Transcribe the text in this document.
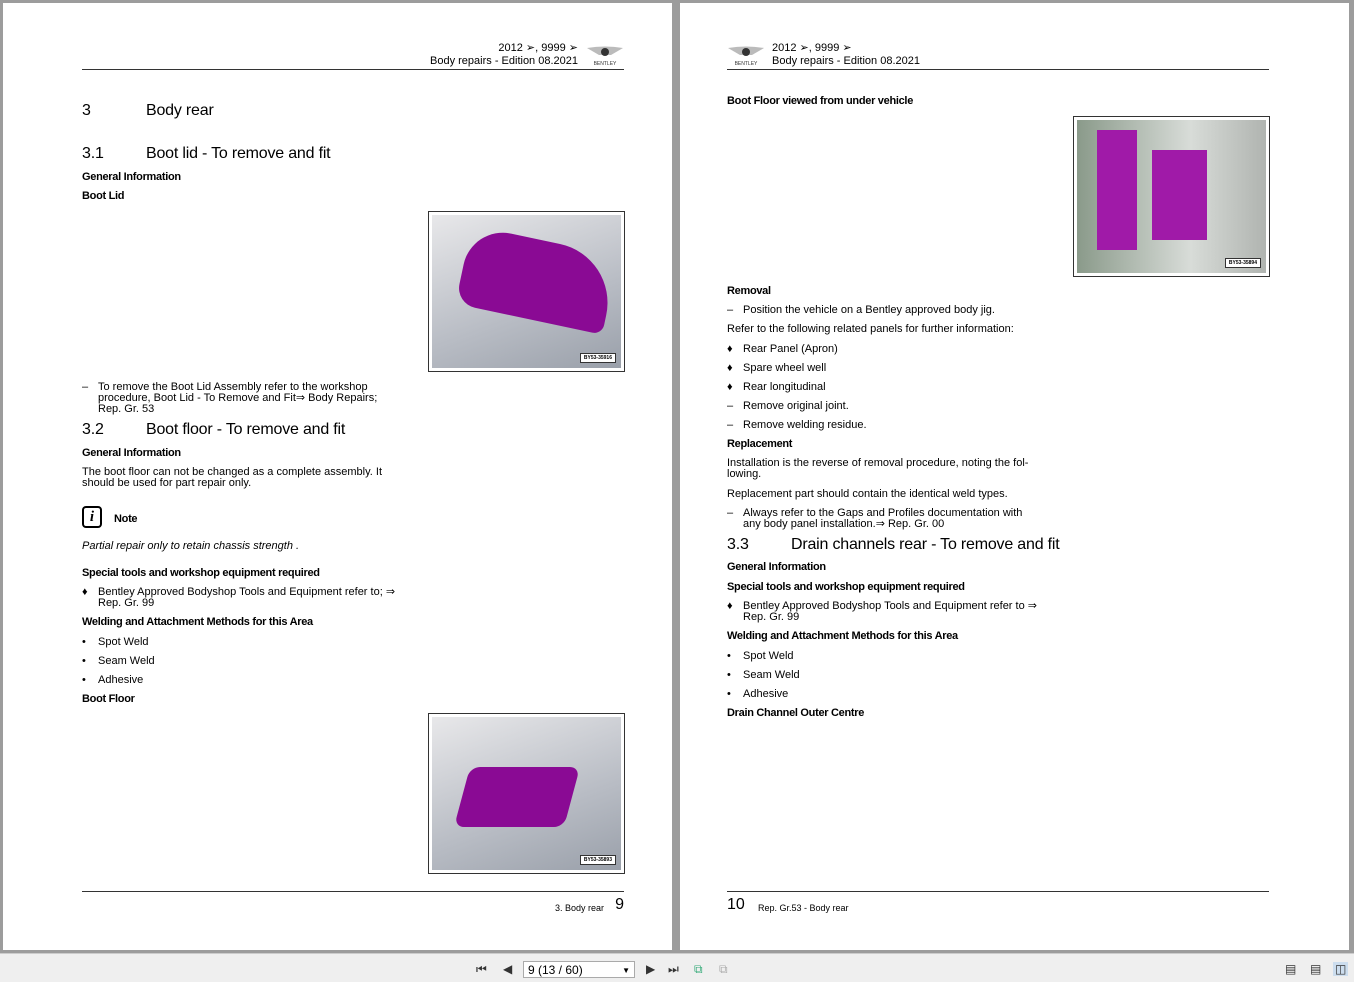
2012 ➢, 9999 ➢
Body repairs - Edition 08.2021	BENTLEY
3	Body rear
3.1	Boot lid - To remove and fit
General Information
Boot Lid
BY53-35916
– To remove the Boot Lid Assembly refer to the workshop procedure, Boot Lid - To Remove and Fit⇒ Body Repairs; Rep. Gr. 53
3.2	Boot floor - To remove and fit
General Information
The boot floor can not be changed as a complete assembly. It should be used for part repair only.
i	Note
Partial repair only to retain chassis strength .
Special tools and workshop equipment required
♦ Bentley Approved Bodyshop Tools and Equipment refer to; ⇒ Rep. Gr. 99
Welding and Attachment Methods for this Area
• Spot Weld
• Seam Weld
• Adhesive
Boot Floor
BY53-35893
3. Body rear 9
BENTLEY
2012 ➢, 9999 ➢
Body repairs - Edition 08.2021
Boot Floor viewed from under vehicle
BY53-35894
Removal
– Position the vehicle on a Bentley approved body jig.
Refer to the following related panels for further information:
♦ Rear Panel (Apron)
♦ Spare wheel well
♦ Rear longitudinal
– Remove original joint.
– Remove welding residue.
Replacement
Installation is the reverse of removal procedure, noting the fol-lowing.
Replacement part should contain the identical weld types.
– Always refer to the Gaps and Profiles documentation with any body panel installation.⇒ Rep. Gr. 00
3.3	Drain channels rear - To remove and fit
General Information
Special tools and workshop equipment required
♦ Bentley Approved Bodyshop Tools and Equipment refer to ⇒ Rep. Gr. 99
Welding and Attachment Methods for this Area
• Spot Weld
• Seam Weld
• Adhesive
Drain Channel Outer Centre
10 Rep. Gr.53 - Body rear
⏮ ◀	9 (13 / 60)	▼ ▶ ⏭ ⧉ ⧉	▤ ▤ ◫
